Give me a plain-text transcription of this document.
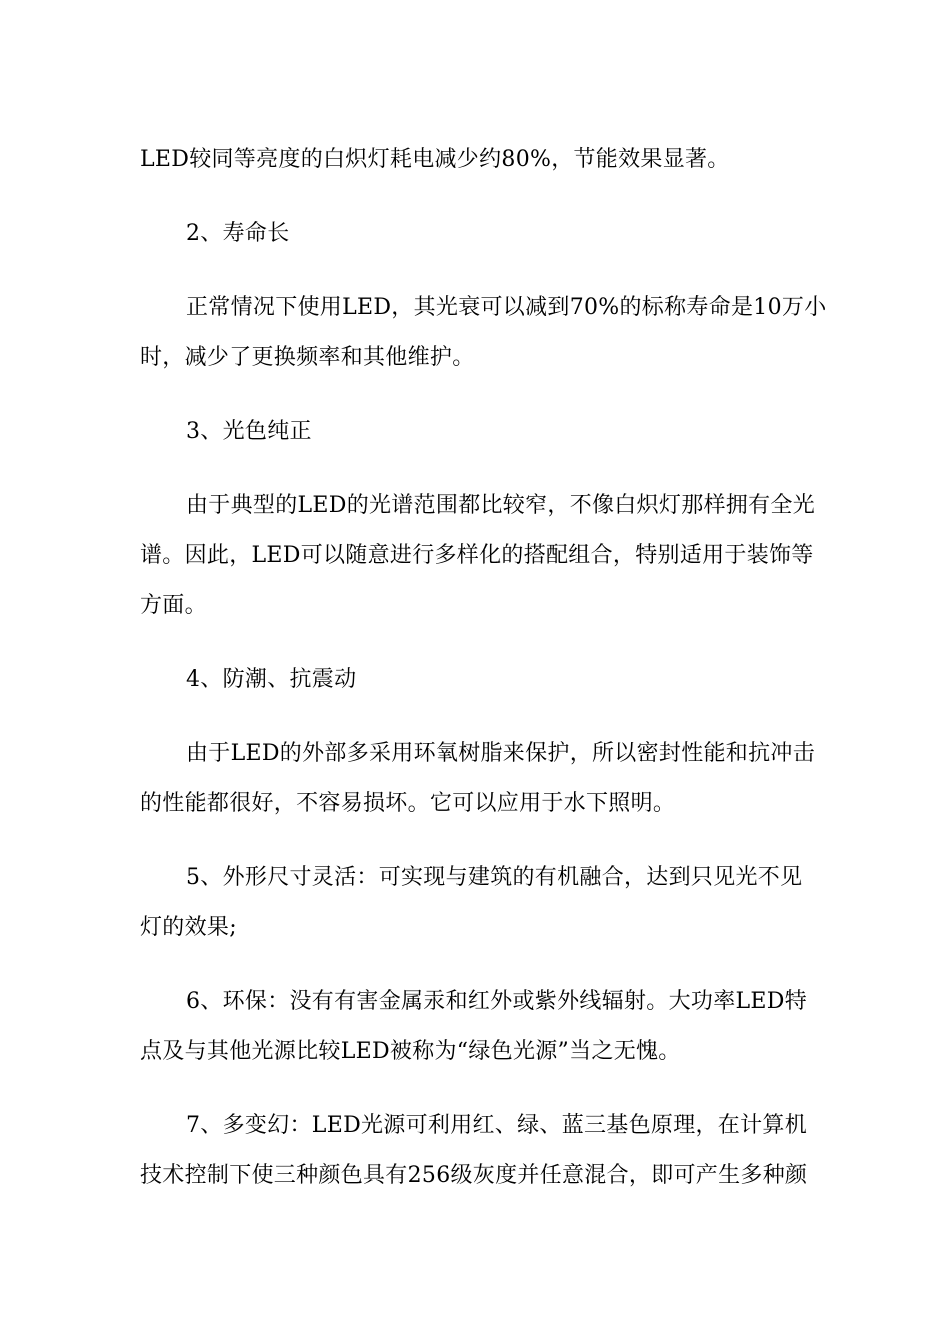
LED较同等亮度的白炽灯耗电减少约80%，节能效果显著。

2、寿命长

正常情况下使用LED，其光衰可以减到70%的标称寿命是10万小
时，减少了更换频率和其他维护。

3、光色纯正

由于典型的LED的光谱范围都比较窄，不像白炽灯那样拥有全光
谱。因此，LED可以随意进行多样化的搭配组合，特别适用于装饰等
方面。

4、防潮、抗震动

由于LED的外部多采用环氧树脂来保护，所以密封性能和抗冲击
的性能都很好，不容易损坏。它可以应用于水下照明。

5、外形尺寸灵活：可实现与建筑的有机融合，达到只见光不见
灯的效果;

6、环保：没有有害金属汞和红外或紫外线辐射。大功率LED特
点及与其他光源比较LED被称为“绿色光源”当之无愧。

7、多变幻：LED光源可利用红、绿、蓝三基色原理，在计算机
技术控制下使三种颜色具有256级灰度并任意混合，即可产生多种颜
